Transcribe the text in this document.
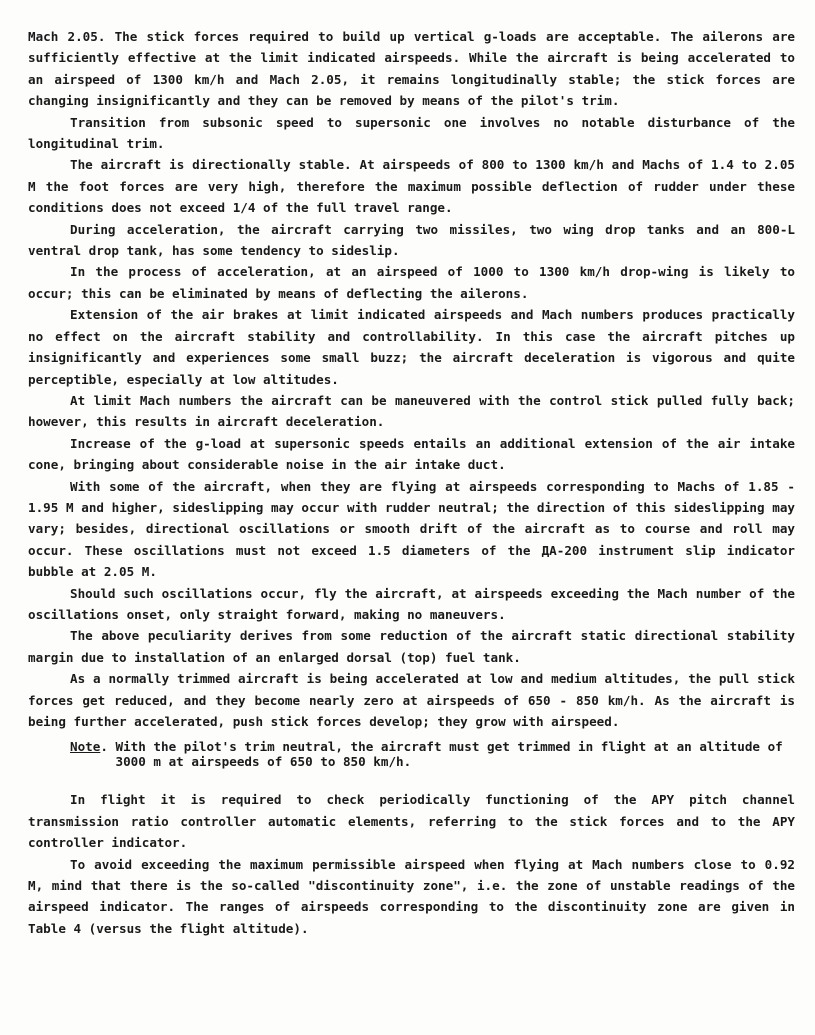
Mach 2.05. The stick forces required to build up vertical g-loads are acceptable. The ailerons are sufficiently effective at the limit indicated airspeeds. While the aircraft is being accelerated to an airspeed of 1300 km/h and Mach 2.05, it remains longitudinally stable; the stick forces are changing insignificantly and they can be removed by means of the pilot's trim.

Transition from subsonic speed to supersonic one involves no notable disturbance of the longitudinal trim.

The aircraft is directionally stable. At airspeeds of 800 to 1300 km/h and Machs of 1.4 to 2.05 M the foot forces are very high, therefore the maximum possible deflection of rudder under these conditions does not exceed 1/4 of the full travel range.

During acceleration, the aircraft carrying two missiles, two wing drop tanks and an 800-L ventral drop tank, has some tendency to sideslip.

In the process of acceleration, at an airspeed of 1000 to 1300 km/h drop-wing is likely to occur; this can be eliminated by means of deflecting the ailerons.

Extension of the air brakes at limit indicated airspeeds and Mach numbers produces practically no effect on the aircraft stability and controllability. In this case the aircraft pitches up insignificantly and experiences some small buzz; the aircraft deceleration is vigorous and quite perceptible, especially at low altitudes.

At limit Mach numbers the aircraft can be maneuvered with the control stick pulled fully back; however, this results in aircraft deceleration.

Increase of the g-load at supersonic speeds entails an additional extension of the air intake cone, bringing about considerable noise in the air intake duct.

With some of the aircraft, when they are flying at airspeeds corresponding to Machs of 1.85 - 1.95 M and higher, sideslipping may occur with rudder neutral; the direction of this sideslipping may vary; besides, directional oscillations or smooth drift of the aircraft as to course and roll may occur. These oscillations must not exceed 1.5 diameters of the ДА-200 instrument slip indicator bubble at 2.05 M.

Should such oscillations occur, fly the aircraft, at airspeeds exceeding the Mach number of the oscillations onset, only straight forward, making no maneuvers.

The above peculiarity derives from some reduction of the aircraft static directional stability margin due to installation of an enlarged dorsal (top) fuel tank.

As a normally trimmed aircraft is being accelerated at low and medium altitudes, the pull stick forces get reduced, and they become nearly zero at airspeeds of 650 - 850 km/h. As the aircraft is being further accelerated, push stick forces develop; they grow with airspeed.

Note . With the pilot's trim neutral, the aircraft must get trimmed in flight at an altitude of 3000 m at airspeeds of 650 to 850 km/h.

In flight it is required to check periodically functioning of the APY pitch channel transmission ratio controller automatic elements, referring to the stick forces and to the APY controller indicator.

To avoid exceeding the maximum permissible airspeed when flying at Mach numbers close to 0.92 M, mind that there is the so-called "discontinuity zone", i.e. the zone of unstable readings of the airspeed indicator. The ranges of airspeeds corresponding to the discontinuity zone are given in Table 4 (versus the flight altitude).
